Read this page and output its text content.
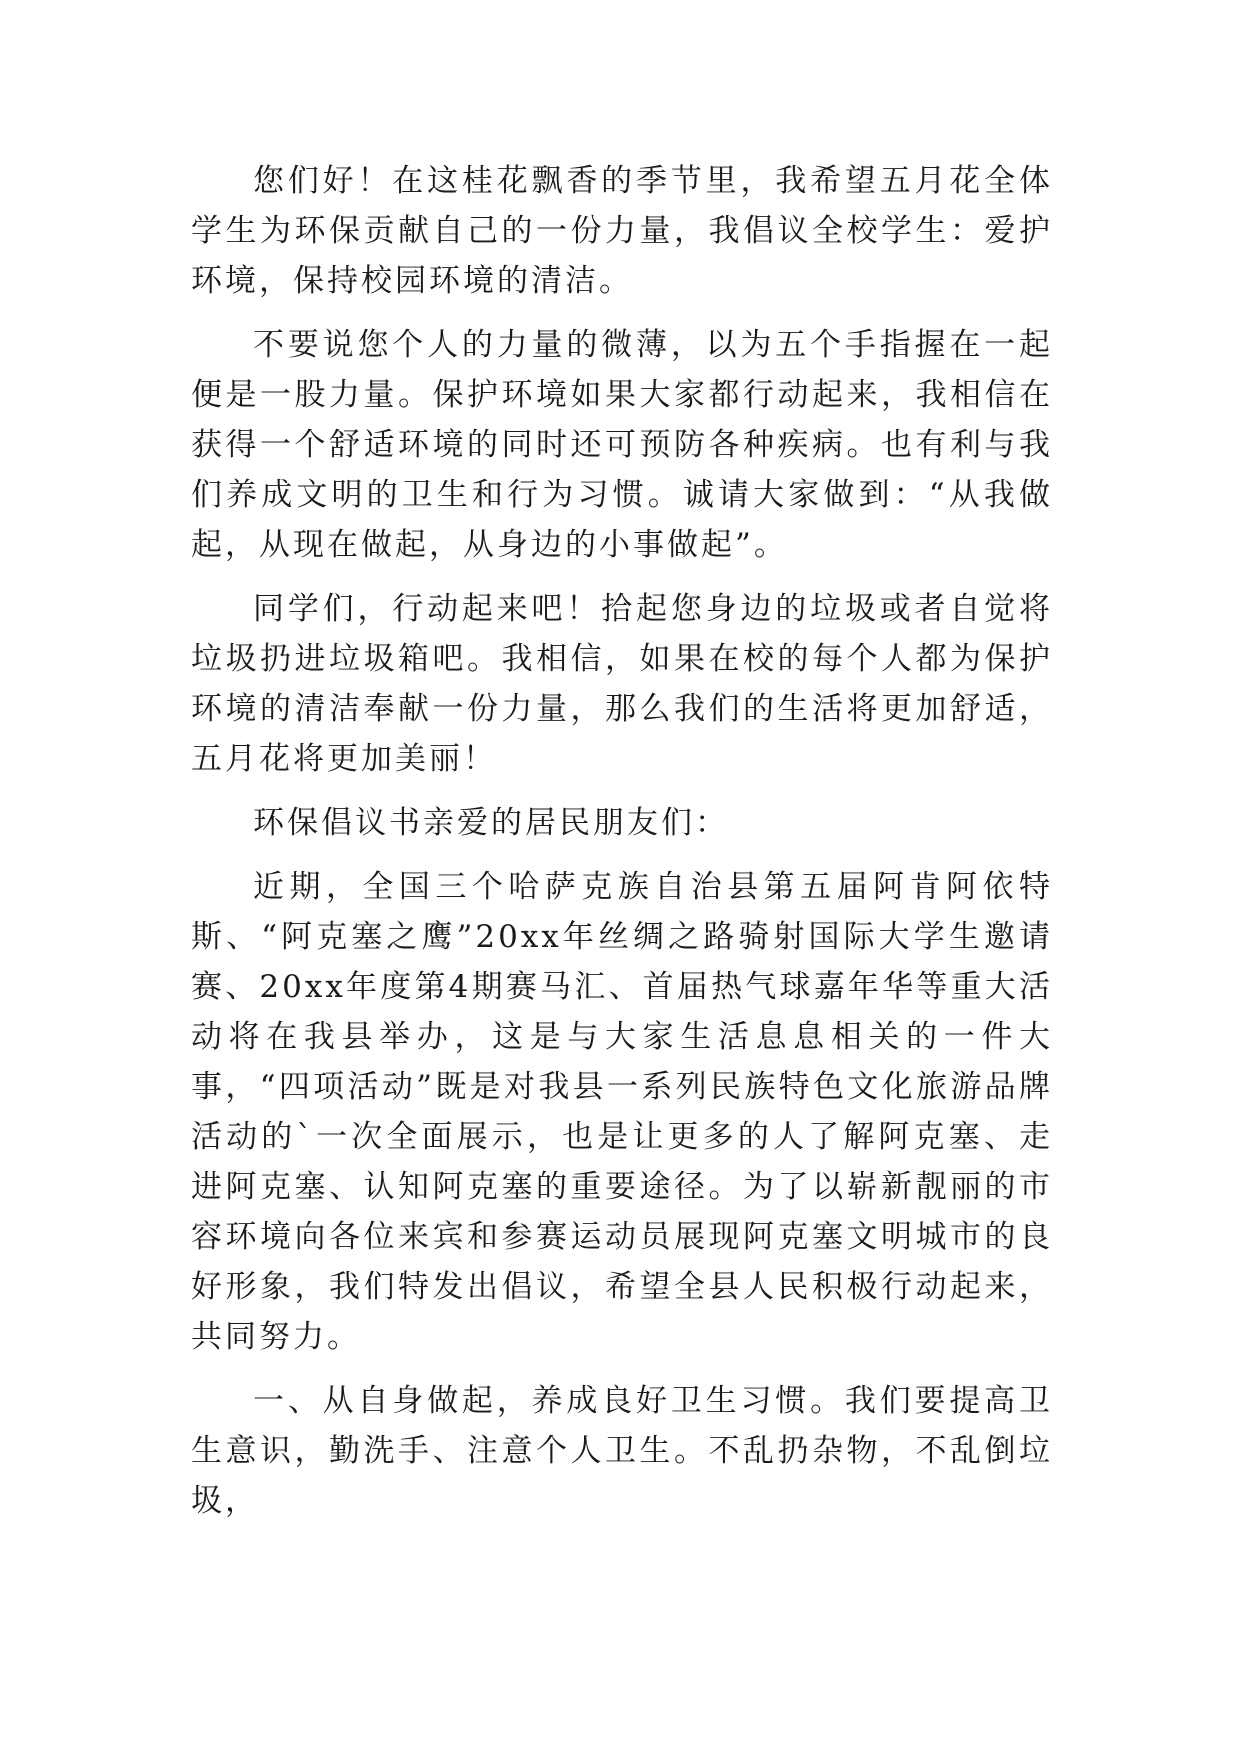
您们好！在这桂花飘香的季节里，我希望五月花全体学生为环保贡献自己的一份力量，我倡议全校学生：爱护环境，保持校园环境的清洁。

不要说您个人的力量的微薄，以为五个手指握在一起便是一股力量。保护环境如果大家都行动起来，我相信在获得一个舒适环境的同时还可预防各种疾病。也有利与我们养成文明的卫生和行为习惯。诚请大家做到：“从我做起，从现在做起，从身边的小事做起”。

同学们，行动起来吧！拾起您身边的垃圾或者自觉将垃圾扔进垃圾箱吧。我相信，如果在校的每个人都为保护环境的清洁奉献一份力量，那么我们的生活将更加舒适，五月花将更加美丽！

环保倡议书亲爱的居民朋友们：

近期，全国三个哈萨克族自治县第五届阿肯阿依特斯、“阿克塞之鹰”20xx年丝绸之路骑射国际大学生邀请赛、20xx年度第4期赛马汇、首届热气球嘉年华等重大活动将在我县举办，这是与大家生活息息相关的一件大事，“四项活动”既是对我县一系列民族特色文化旅游品牌活动的`一次全面展示，也是让更多的人了解阿克塞、走进阿克塞、认知阿克塞的重要途径。为了以崭新靓丽的市容环境向各位来宾和参赛运动员展现阿克塞文明城市的良好形象，我们特发出倡议，希望全县人民积极行动起来，共同努力。

一、从自身做起，养成良好卫生习惯。我们要提高卫生意识，勤洗手、注意个人卫生。不乱扔杂物，不乱倒垃圾，
